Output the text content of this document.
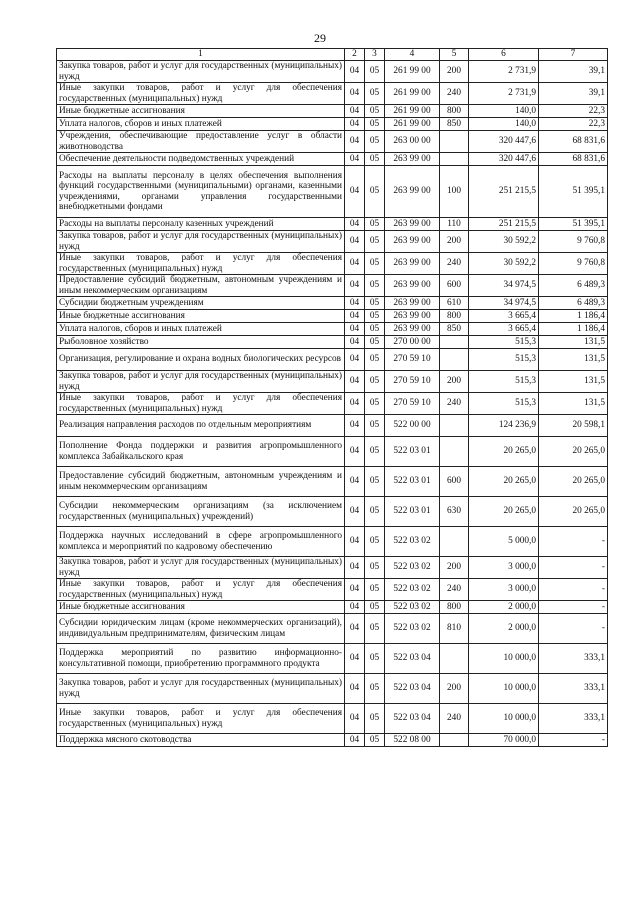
29
1	2	3	4	5	6	7
Закупка товаров, работ и услуг для государственных (муниципальных) нужд	04	05	261 99 00	200	2 731,9	39,1
Иные закупки товаров, работ и услуг для обеспечения государственных (муниципальных) нужд	04	05	261 99 00	240	2 731,9	39,1
Иные бюджетные ассигнования	04	05	261 99 00	800	140,0	22,3
Уплата налогов, сборов и иных платежей	04	05	261 99 00	850	140,0	22,3
Учреждения, обеспечивающие предоставление услуг в области животноводства	04	05	263 00 00		320 447,6	68 831,6
Обеспечение деятельности подведомственных учреждений	04	05	263 99 00		320 447,6	68 831,6
Расходы на выплаты персоналу в целях обеспечения выполнения функций государственными (муниципальными) органами, казенными учреждениями, органами управления государственными внебюджетными фондами	04	05	263 99 00	100	251 215,5	51 395,1
Расходы на выплаты персоналу казенных учреждений	04	05	263 99 00	110	251 215,5	51 395,1
Закупка товаров, работ и услуг для государственных (муниципальных) нужд	04	05	263 99 00	200	30 592,2	9 760,8
Иные закупки товаров, работ и услуг для обеспечения государственных (муниципальных) нужд	04	05	263 99 00	240	30 592,2	9 760,8
Предоставление субсидий бюджетным, автономным учреждениям и иным некоммерческим организациям	04	05	263 99 00	600	34 974,5	6 489,3
Субсидии бюджетным учреждениям	04	05	263 99 00	610	34 974,5	6 489,3
Иные бюджетные ассигнования	04	05	263 99 00	800	3 665,4	1 186,4
Уплата налогов, сборов и иных платежей	04	05	263 99 00	850	3 665,4	1 186,4
Рыболовное хозяйство	04	05	270 00 00		515,3	131,5
Организация, регулирование и охрана водных биологических ресурсов	04	05	270 59 10		515,3	131,5
Закупка товаров, работ и услуг для государственных (муниципальных) нужд	04	05	270 59 10	200	515,3	131,5
Иные закупки товаров, работ и услуг для обеспечения государственных (муниципальных) нужд	04	05	270 59 10	240	515,3	131,5
Реализация направления расходов по отдельным мероприятиям	04	05	522 00 00		124 236,9	20 598,1
Пополнение Фонда поддержки и развития агропромышленного комплекса Забайкальского края	04	05	522 03 01		20 265,0	20 265,0
Предоставление субсидий бюджетным, автономным учреждениям и иным некоммерческим организациям	04	05	522 03 01	600	20 265,0	20 265,0
Субсидии некоммерческим организациям (за исключением государственных (муниципальных) учреждений)	04	05	522 03 01	630	20 265,0	20 265,0
Поддержка научных исследований в сфере агропромышленного комплекса и мероприятий по кадровому обеспечению	04	05	522 03 02		5 000,0	-
Закупка товаров, работ и услуг для государственных (муниципальных) нужд	04	05	522 03 02	200	3 000,0	-
Иные закупки товаров, работ и услуг для обеспечения государственных (муниципальных) нужд	04	05	522 03 02	240	3 000,0	-
Иные бюджетные ассигнования	04	05	522 03 02	800	2 000,0	-
Субсидии юридическим лицам (кроме некоммерческих организаций), индивидуальным предпринимателям, физическим лицам	04	05	522 03 02	810	2 000,0	-
Поддержка мероприятий по развитию информационно-консультативной помощи, приобретению программного продукта	04	05	522 03 04		10 000,0	333,1
Закупка товаров, работ и услуг для государственных (муниципальных) нужд	04	05	522 03 04	200	10 000,0	333,1
Иные закупки товаров, работ и услуг для обеспечения государственных (муниципальных) нужд	04	05	522 03 04	240	10 000,0	333,1
Поддержка мясного скотоводства	04	05	522 08 00		70 000,0	-
